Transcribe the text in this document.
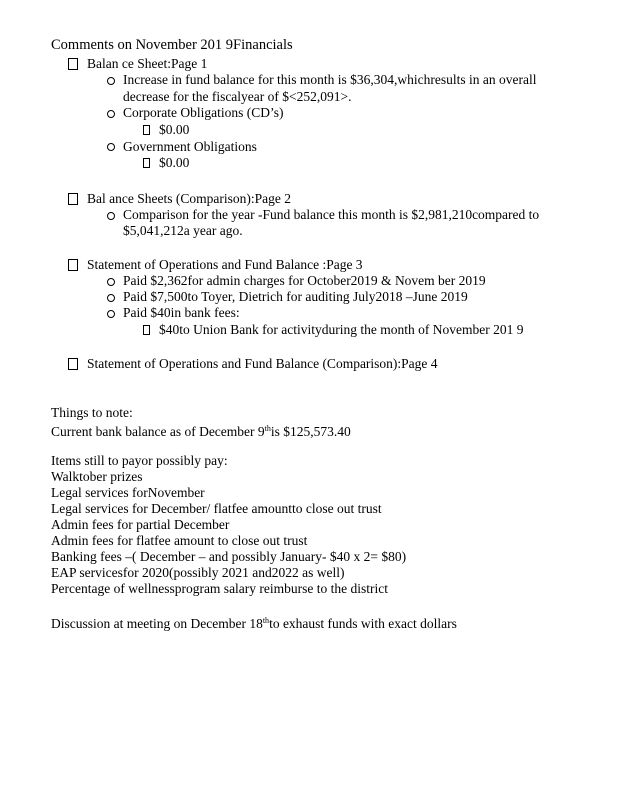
Comments on November 201 9Financials
Balan ce Sheet:Page 1
Increase in fund balance for this month is $36,304,whichresults in an overall
decrease for the fiscalyear of $<252,091>.
Corporate Obligations (CD’s)
$0.00
Government Obligations
$0.00
Bal ance Sheets (Comparison):Page 2
Comparison for the year -Fund balance this month is $2,981,210compared to
$5,041,212a year ago.
Statement of Operations and Fund Balance :Page 3
Paid $2,362for admin charges for October2019 & Novem ber 2019
Paid $7,500to Toyer, Dietrich for auditing July2018 –June 2019
Paid $40in bank fees:
$40to Union Bank for activityduring the month of November 201 9
Statement of Operations and Fund Balance (Comparison):Page 4
Things to note:
Current bank balance as of December 9this $125,573.40
Items still to payor possibly pay:
Walktober prizes
Legal services forNovember
Legal services for December/ flatfee amountto close out trust
Admin fees for partial December
Admin fees for flatfee amount to close out trust
Banking fees –( December – and possibly January- $40 x 2= $80)
EAP servicesfor 2020(possibly 2021 and2022 as well)
Percentage of wellnessprogram salary reimburse to the district
Discussion at meeting on December 18thto exhaust funds with exact dollars
